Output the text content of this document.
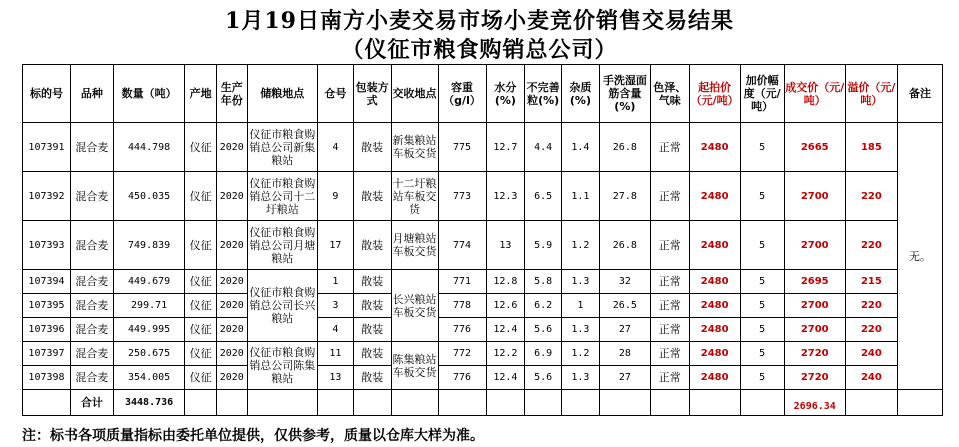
1月19日南方小麦交易市场小麦竞价销售交易结果
（仪征市粮食购销总公司）
标的号	品种	数量（吨）	产地	生产年份	储粮地点	仓号	包装方式	交收地点	容重（g/l）	水分(%)	不完善粒(%)	杂质(%)	手洗湿面筋含量(%)	色泽、气味	起拍价（元/吨）	加价幅度（元/吨）	成交价（元/吨）	溢价（元/吨）	备注
107391	混合麦	444.798	仪征	2020	仪征市粮食购销总公司新集粮站	4	散装	新集粮站车板交货	775	12.7	4.4	1.4	26.8	正常	2480	5	2665	185	无。
107392	混合麦	450.035	仪征	2020	仪征市粮食购销总公司十二圩粮站	9	散装	十二圩粮站车板交货	773	12.3	6.5	1.1	27.8	正常	2480	5	2700	220	
107393	混合麦	749.839	仪征	2020	仪征市粮食购销总公司月塘粮站	17	散装	月塘粮站车板交货	774	13	5.9	1.2	26.8	正常	2480	5	2700	220	
107394	混合麦	449.679	仪征	2020	仪征市粮食购销总公司长兴粮站	1	散装	长兴粮站车板交货	771	12.8	5.8	1.3	32	正常	2480	5	2695	215	
107395	混合麦	299.71	仪征	2020		3	散装		778	12.6	6.2	1	26.5	正常	2480	5	2700	220	
107396	混合麦	449.995	仪征	2020		4	散装		776	12.4	5.6	1.3	27	正常	2480	5	2700	220	
107397	混合麦	250.675	仪征	2020	仪征市粮食购销总公司陈集粮站	11	散装	陈集粮站车板交货	772	12.2	6.9	1.2	28	正常	2480	5	2720	240	
107398	混合麦	354.005	仪征	2020		13	散装		776	12.4	5.6	1.3	27	正常	2480	5	2720	240	
	合计	3448.736															2696.34		

注：标书各项质量指标由委托单位提供，仅供参考，质量以仓库大样为准。
